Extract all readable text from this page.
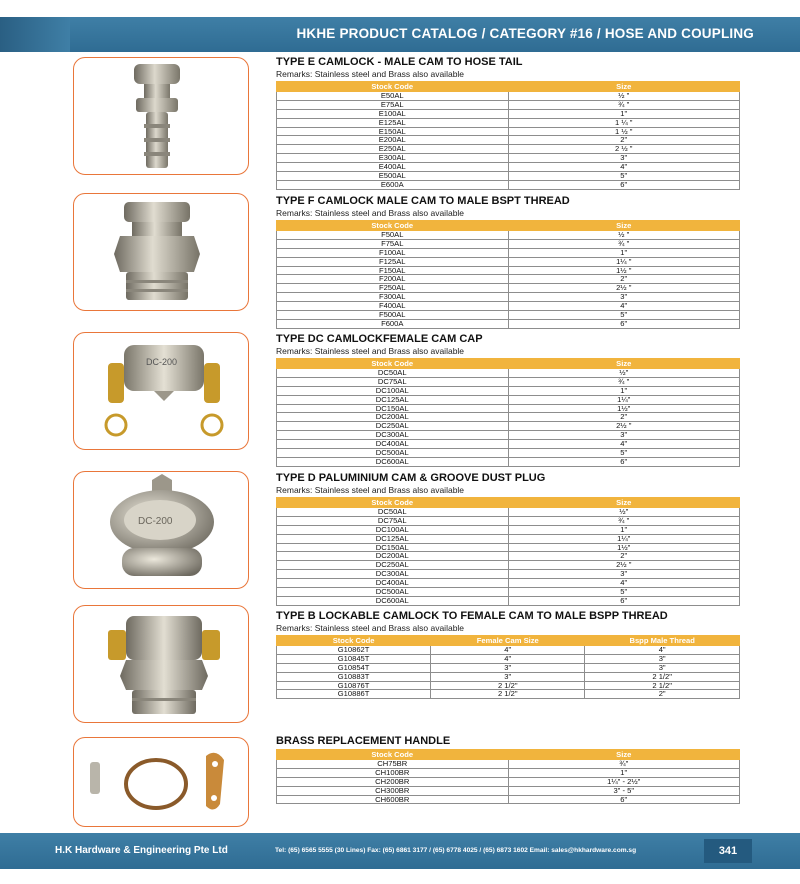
HKHE PRODUCT CATALOG / CATEGORY #16 / HOSE AND COUPLING
DC-200
DC-200
TYPE E CAMLOCK - MALE CAM TO HOSE TAIL
Remarks: Stainless steel and Brass also available
Stock Code	Size
E50AL	½ "
E75AL	¾ "
E100AL	1"
E125AL	1 ¼ "
E150AL	1 ½ "
E200AL	2"
E250AL	2 ½ "
E300AL	3"
E400AL	4"
E500AL	5"
E600A	6"
TYPE F CAMLOCK MALE CAM TO MALE BSPT THREAD
Remarks: Stainless steel and Brass also available
Stock Code	Size
F50AL	½ "
F75AL	¾ "
F100AL	1"
F125AL	1¼ "
F150AL	1½ "
F200AL	2"
F250AL	2½ "
F300AL	3"
F400AL	4"
F500AL	5"
F600A	6"
TYPE DC CAMLOCKFEMALE CAM CAP
Remarks: Stainless steel and Brass also available
Stock Code	Size
DC50AL	½"
DC75AL	¾ "
DC100AL	1"
DC125AL	1¼"
DC150AL	1½"
DC200AL	2"
DC250AL	2½ "
DC300AL	3"
DC400AL	4"
DC500AL	5"
DC600AL	6"
TYPE D PALUMINIUM CAM & GROOVE DUST PLUG
Remarks: Stainless steel and Brass also available
Stock Code	Size
DC50AL	½"
DC75AL	¾ "
DC100AL	1"
DC125AL	1¼"
DC150AL	1½"
DC200AL	2"
DC250AL	2½ "
DC300AL	3"
DC400AL	4"
DC500AL	5"
DC600AL	6"
TYPE B LOCKABLE CAMLOCK TO FEMALE CAM TO MALE BSPP THREAD
Remarks: Stainless steel and Brass also available
Stock Code	Female Cam Size	Bspp Male Thread
G10862T	4"	4"
G10845T	4"	3"
G10854T	3"	3"
G10883T	3"	2 1/2"
G10876T	2 1/2"	2 1/2"
G10886T	2 1/2"	2"
BRASS REPLACEMENT HANDLE
Stock Code	Size
CH75BR	¾"
CH100BR	1"
CH200BR	1¼" - 2½"
CH300BR	3" - 5"
CH600BR	6"
H.K Hardware & Engineering Pte Ltd	Tel: (65) 6565 5555 (30 Lines) Fax: (65) 6861 3177 / (65) 6778 4025 / (65) 6873 1602 Email: sales@hkhardware.com.sg	341
